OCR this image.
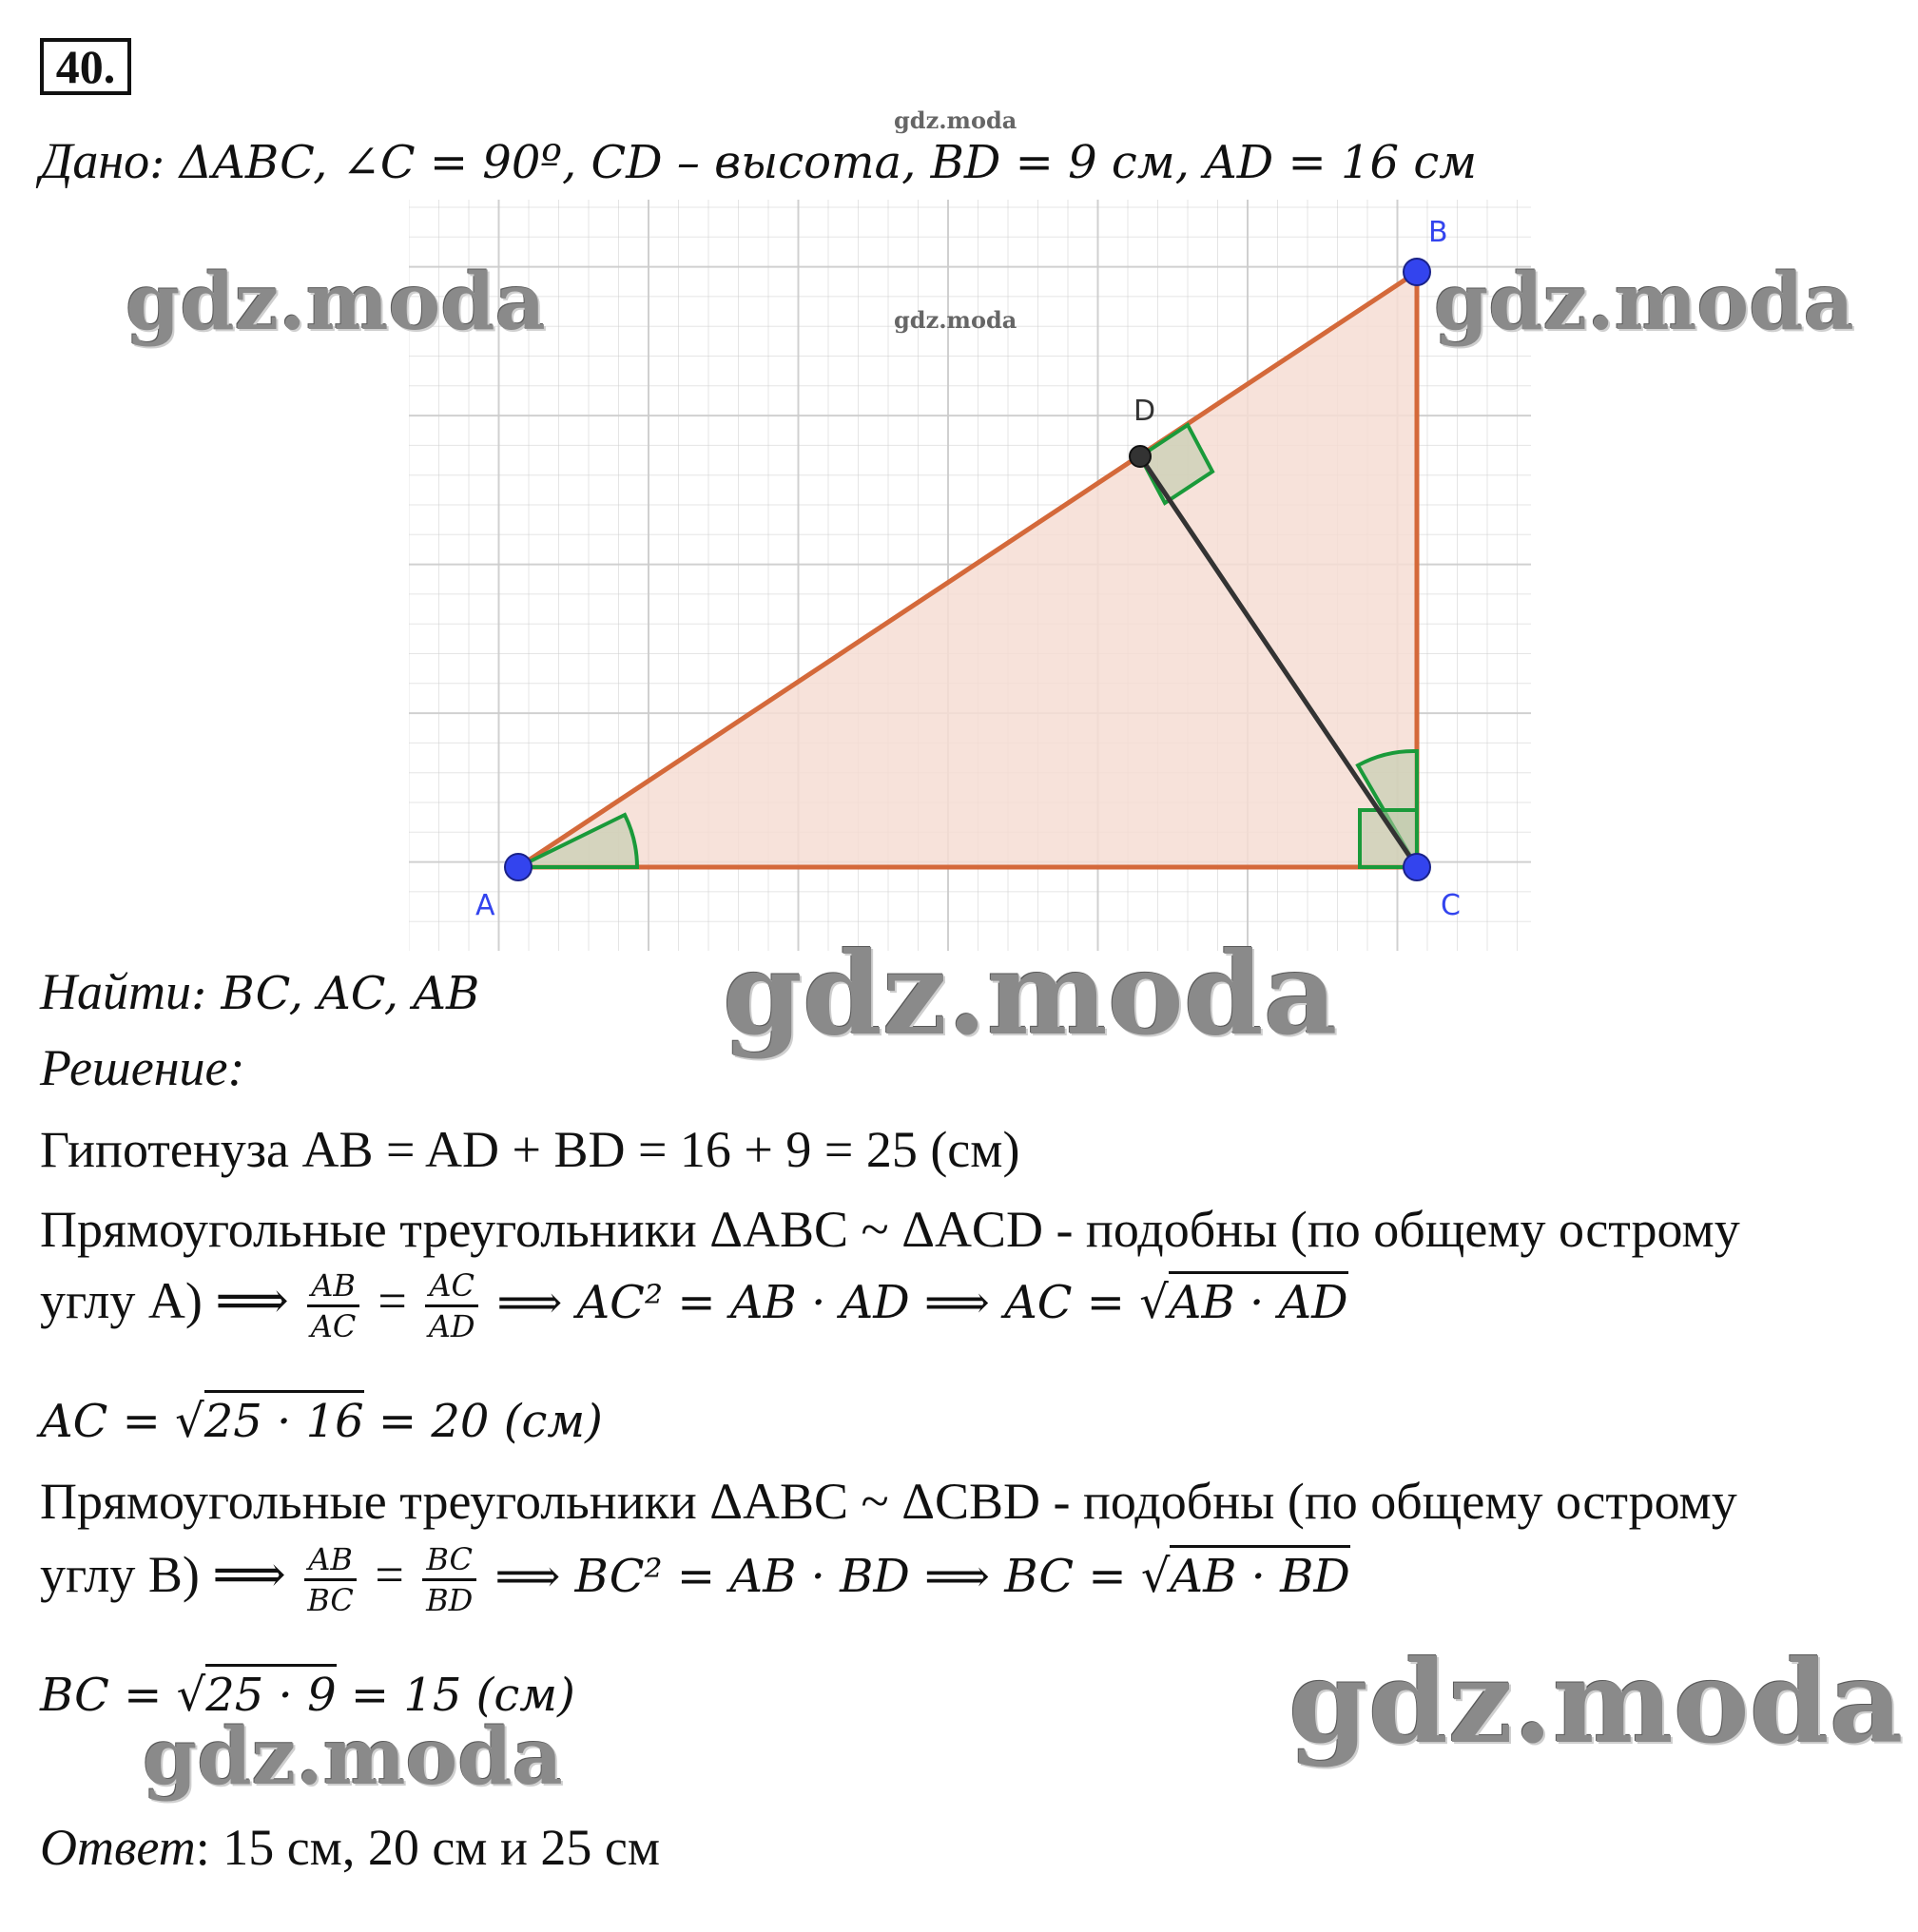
40.
gdz.moda
Дано: ΔABC, ∠C = 90º, CD – высота, BD = 9 см, AD = 16 см
A
B
C
D
gdz.moda	gdz.moda	gdz.moda
Найти: BC, AC, AB gdz.moda
Решение:
Гипотенуза AB = AD + BD = 16 + 9 = 25 (см)
Прямоугольные треугольники ΔABC ~ ΔACD - подобны (по общему острому
углу A) ⟹ $\frac{AB}{AC} = \frac{AC}{AD}$ ⟹ AC² = AB · AD ⟹ AC = √AB · AD
AC = √25 · 16 = 20 (см)
Прямоугольные треугольники ΔABC ~ ΔCBD - подобны (по общему острому
углу B) ⟹ $\frac{AB}{BC} = \frac{BC}{BD}$ ⟹ BC² = AB · BD ⟹ BC = √AB · BD
BC = √25 · 9 = 15 (см)	gdz.moda
gdz.moda
Ответ: 15 см, 20 см и 25 см
